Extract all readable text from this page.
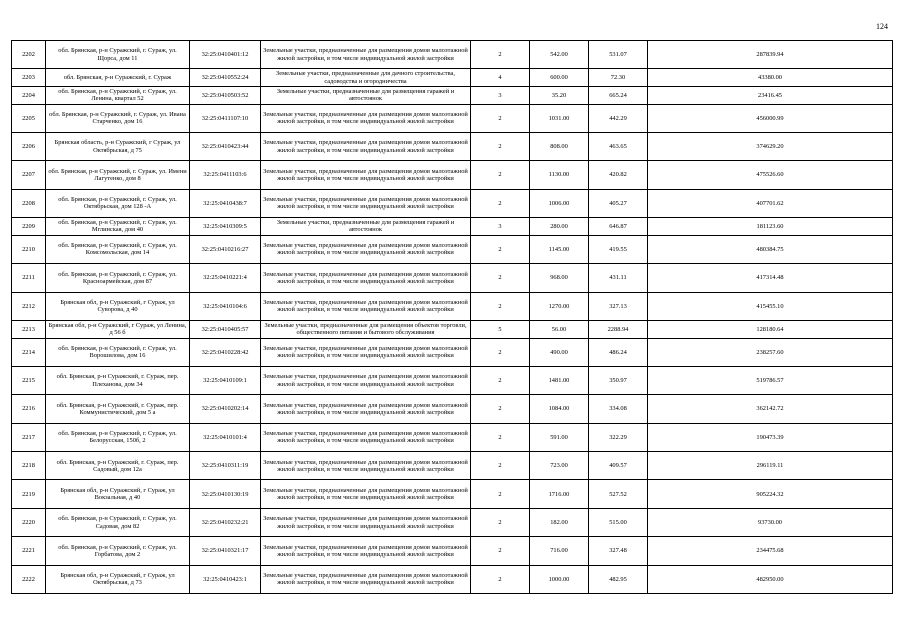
124
2202	обл. Брянская, р-н Суражский, г. Сураж, ул. Щорса, дом 11	32:25:0410401:12	Земельные участки, предназначенные для размещения домов малоэтажной жилой застройки, в том числе индивидуальной жилой застройки	2	542.00	531.07	287839.94
2203	обл. Брянская, р-н Суражский, г. Сураж	32:25:0410552:24	Земельные участки, предназначенные для дачного строительства, садоводства и огородничества	4	600.00	72.30	43380.00
2204	обл. Брянская, р-н Суражский, г. Сураж, ул. Ленина, квартал 52	32:25:0410503:52	Земельные участки, предназначенные для размещения гаражей и автостоянок	3	35.20	665.24	23416.45
2205	обл. Брянская, р-н Суражский, г. Сураж, ул. Ивана Старченко, дом 16	32:25:0411107:10	Земельные участки, предназначенные для размещения домов малоэтажной жилой застройки, в том числе индивидуальной жилой застройки	2	1031.00	442.29	456000.99
2206	Брянская область, р-н Суражский, г Сураж, ул Октябрьская, д 75	32:25:0410423:44	Земельные участки, предназначенные для размещения домов малоэтажной жилой застройки, в том числе индивидуальной жилой застройки	2	808.00	463.65	374629.20
2207	обл. Брянская, р-н Суражский, г. Сураж, ул. Имени Лагутенко, дом 8	32:25:0411103:6	Земельные участки, предназначенные для размещения домов малоэтажной жилой застройки, в том числе индивидуальной жилой застройки	2	1130.00	420.82	475526.60
2208	обл. Брянская, р-н Суражский, г. Сураж, ул. Октябрьская, дом 128 -А	32:25:0410438:7	Земельные участки, предназначенные для размещения домов малоэтажной жилой застройки, в том числе индивидуальной жилой застройки	2	1006.00	405.27	407701.62
2209	обл. Брянская, р-н Суражский, г. Сураж, ул. Мглинская, дом 40	32:25:0410309:5	Земельные участки, предназначенные для размещения гаражей и автостоянок	3	280.00	646.87	181123.60
2210	обл. Брянская, р-н Суражский, г. Сураж, ул. Комсомольская, дом 14	32:25:0410216:27	Земельные участки, предназначенные для размещения домов малоэтажной жилой застройки, в том числе индивидуальной жилой застройки	2	1145.00	419.55	480384.75
2211	обл. Брянская, р-н Суражский, г. Сураж, ул. Красноармейская, дом 87	32:25:0410221:4	Земельные участки, предназначенные для размещения домов малоэтажной жилой застройки, в том числе индивидуальной жилой застройки	2	968.00	431.11	417314.48
2212	Брянская обл, р-н Суражский, г Сураж, ул Суворова, д 40	32:25:0410104:6	Земельные участки, предназначенные для размещения домов малоэтажной жилой застройки, в том числе индивидуальной жилой застройки	2	1270.00	327.13	415455.10
2213	Брянская обл, р-н Суражский, г Сураж, ул Ленина, д 56 б	32:25:0410405:57	Земельные участки, предназначенные для размещения объектов торговли, общественного питания и бытового обслуживания	5	56.00	2288.94	128180.64
2214	обл. Брянская, р-н Суражский, г. Сураж, ул. Ворошилова, дом 16	32:25:0410228:42	Земельные участки, предназначенные для размещения домов малоэтажной жилой застройки, в том числе индивидуальной жилой застройки	2	490.00	486.24	238257.60
2215	обл. Брянская, р-н Суражский, г. Сураж, пер. Плеханова, дом 34	32:25:0410109:1	Земельные участки, предназначенные для размещения домов малоэтажной жилой застройки, в том числе индивидуальной жилой застройки	2	1481.00	350.97	519786.57
2216	обл. Брянская, р-н Суражский, г. Сураж, пер. Коммунистический, дом 5 а	32:25:0410202:14	Земельные участки, предназначенные для размещения домов малоэтажной жилой застройки, в том числе индивидуальной жилой застройки	2	1084.00	334.08	362142.72
2217	обл. Брянская, р-н Суражский, г. Сураж, ул. Белорусская, 150б, 2	32:25:0410101:4	Земельные участки, предназначенные для размещения домов малоэтажной жилой застройки, в том числе индивидуальной жилой застройки	2	591.00	322.29	190473.39
2218	обл. Брянская, р-н Суражский, г. Сураж, пер. Садовый, дом 12а	32:25:0410311:19	Земельные участки, предназначенные для размещения домов малоэтажной жилой застройки, в том числе индивидуальной жилой застройки	2	723.00	409.57	296119.11
2219	Брянская обл, р-н Суражский, г Сураж, ул Вокзальная, д 40	32:25:0410130:19	Земельные участки, предназначенные для размещения домов малоэтажной жилой застройки, в том числе индивидуальной жилой застройки	2	1716.00	527.52	905224.32
2220	обл. Брянская, р-н Суражский, г. Сураж, ул. Садовая, дом 82	32:25:0410232:21	Земельные участки, предназначенные для размещения домов малоэтажной жилой застройки, в том числе индивидуальной жилой застройки	2	182.00	515.00	93730.00
2221	обл. Брянская, р-н Суражский, г. Сураж, ул. Горбатова, дом 2	32:25:0410321:17	Земельные участки, предназначенные для размещения домов малоэтажной жилой застройки, в том числе индивидуальной жилой застройки	2	716.00	327.48	234475.68
2222	Брянская обл, р-н Суражский, г Сураж, ул Октябрьская, д 73	32:25:0410423:1	Земельные участки, предназначенные для размещения домов малоэтажной жилой застройки, в том числе индивидуальной жилой застройки	2	1000.00	482.95	482950.00
